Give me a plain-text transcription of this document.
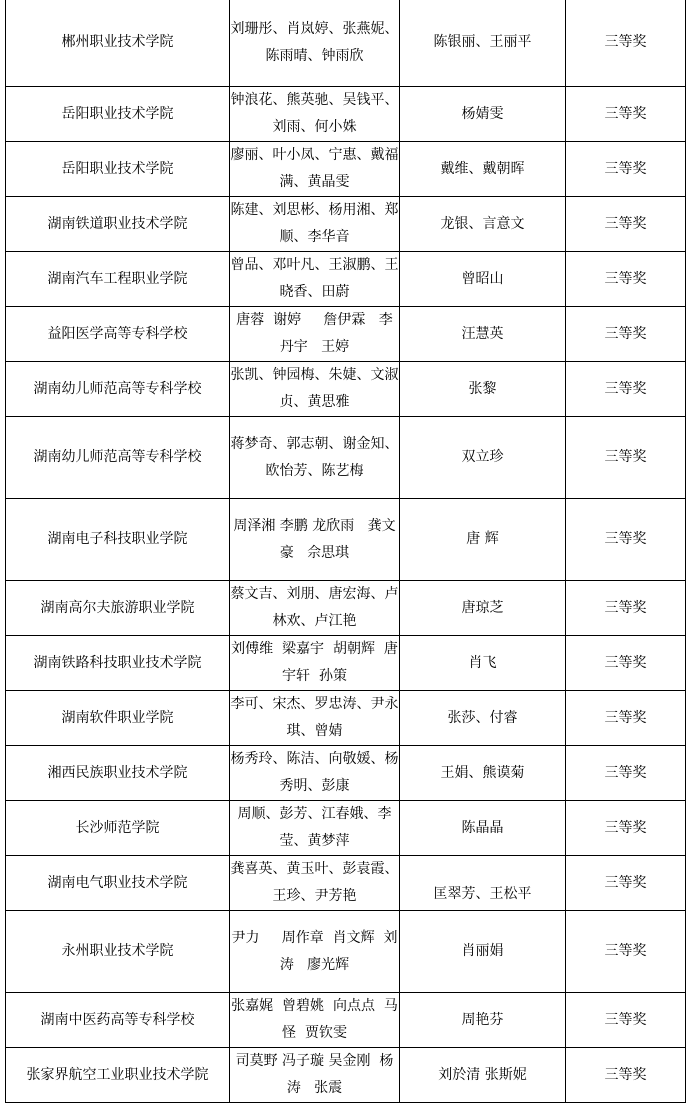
郴州职业技术学院	刘珊彤、肖岚婷、张燕妮、陈雨晴、钟雨欣	陈银丽、王丽平	三等奖
岳阳职业技术学院	钟浪花、熊英驰、吴钱平、刘雨、何小姝	杨婧雯	三等奖
岳阳职业技术学院	廖丽、叶小凤、宁惠、戴福满、黄晶雯	戴维、戴朝晖	三等奖
湖南铁道职业技术学院	陈建、刘思彬、杨用湘、郑顺、李华音	龙银、言意文	三等奖
湖南汽车工程职业学院	曾品、邓叶凡、王淑鹏、王晓香、田蔚	曾昭山	三等奖
益阳医学高等专科学校	唐蓉  谢婷     詹伊霖   李丹宇   王婷	汪慧英	三等奖
湖南幼儿师范高等专科学校	张凯、钟园梅、朱婕、文淑贞、黄思雅	张黎	三等奖
湖南幼儿师范高等专科学校	蒋梦奇、郭志朝、谢金知、欧怡芳、陈艺梅	双立珍	三等奖
湖南电子科技职业学院	周泽湘 李鹏 龙欣雨   龚文豪   佘思琪	唐 辉	三等奖
湖南高尔夫旅游职业学院	蔡文吉、刘朋、唐宏海、卢林欢、卢江艳	唐琼芝	三等奖
湖南铁路科技职业技术学院	刘傅维  梁嘉宇  胡朝辉  唐宇轩  孙策	肖飞	三等奖
湖南软件职业学院	李可、宋杰、罗忠涛、尹永琪、曾婧	张莎、付睿	三等奖
湘西民族职业技术学院	杨秀玲、陈洁、向敬媛、杨秀明、彭康	王娟、熊谟菊	三等奖
长沙师范学院	周顺、彭芳、江春娥、李莹、黄梦萍	陈晶晶	三等奖
湖南电气职业技术学院	龚喜英、黄玉叶、彭袁霞、王珍、尹芳艳	匡翠芳、王松平	三等奖
永州职业技术学院	尹力     周作章  肖文辉  刘涛   廖光辉	肖丽娟	三等奖
湖南中医药高等专科学校	张嘉娓  曾碧姚  向点点  马怪  贾钦雯	周艳芬	三等奖
张家界航空工业职业技术学院	司莫野 冯子璇 吴金刚  杨涛   张震	刘於清 张斯妮	三等奖
